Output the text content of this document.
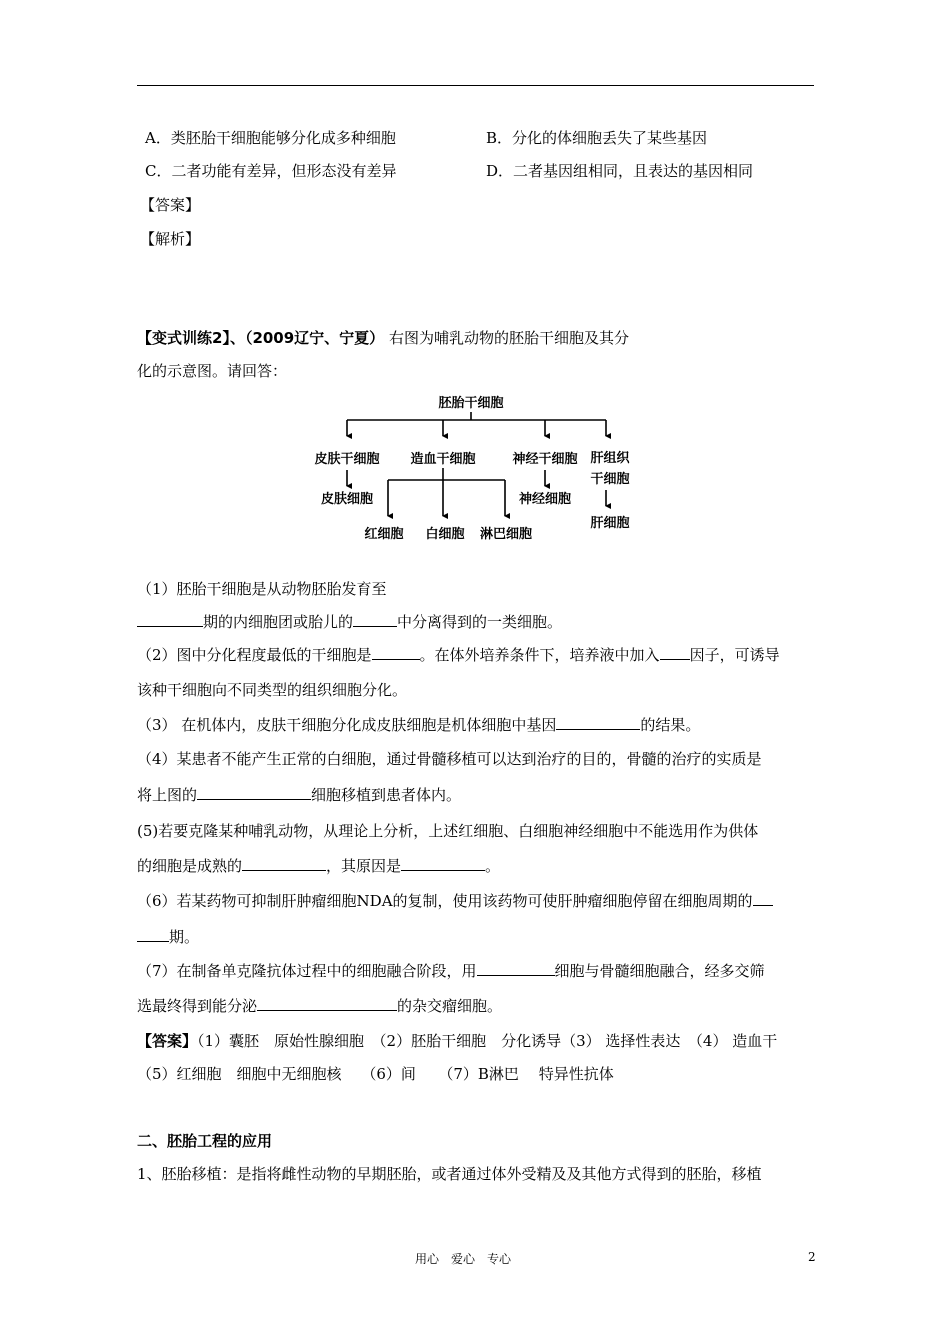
A．类胚胎干细胞能够分化成多种细胞	B．分化的体细胞丢失了某些基因
C．二者功能有差异，但形态没有差异	D．二者基因组相同，且表达的基因相同
【答案】
【解析】
【变式训练2】、（2009辽宁、宁夏） 右图为哺乳动物的胚胎干细胞及其分
化的示意图。请回答：
胚胎干细胞
皮肤干细胞 造血干细胞	神经干细胞 肝组织
干细胞
皮肤细胞	神经细胞
肝细胞
红细胞 白细胞 淋巴细胞
（1）胚胎干细胞是从动物胚胎发育至
期的内细胞团或胎儿的	中分离得到的一类细胞。
（2）图中分化程度最低的干细胞是	。在体外培养条件下，培养液中加入 因子，可诱导
该种干细胞向不同类型的组织细胞分化。
（3） 在机体内，皮肤干细胞分化成皮肤细胞是机体细胞中基因	的结果。
（4）某患者不能产生正常的白细胞，通过骨髓移植可以达到治疗的目的，骨髓的治疗的实质是
将上图的	细胞移植到患者体内。
(5)若要克隆某种哺乳动物，从理论上分析，上述红细胞、白细胞神经细胞中不能选用作为供体
的细胞是成熟的	，其原因是	。
（6）若某药物可抑制肝肿瘤细胞NDA的复制，使用该药物可使肝肿瘤细胞停留在细胞周期的
期。
（7）在制备单克隆抗体过程中的细胞融合阶段，用	细胞与骨髓细胞融合，经多交筛
选最终得到能分泌	的杂交瘤细胞。
【答案】（1）囊胚　原始性腺细胞　（2）胚胎干细胞　分化诱导（3） 选择性表达　（4） 造血干
（5）红细胞　细胞中无细胞核　 （6）间　　（7）B淋巴　 特异性抗体
二、胚胎工程的应用
1、胚胎移植：是指将雌性动物的早期胚胎，或者通过体外受精及及其他方式得到的胚胎，移植
用心　爱心　专心	2
